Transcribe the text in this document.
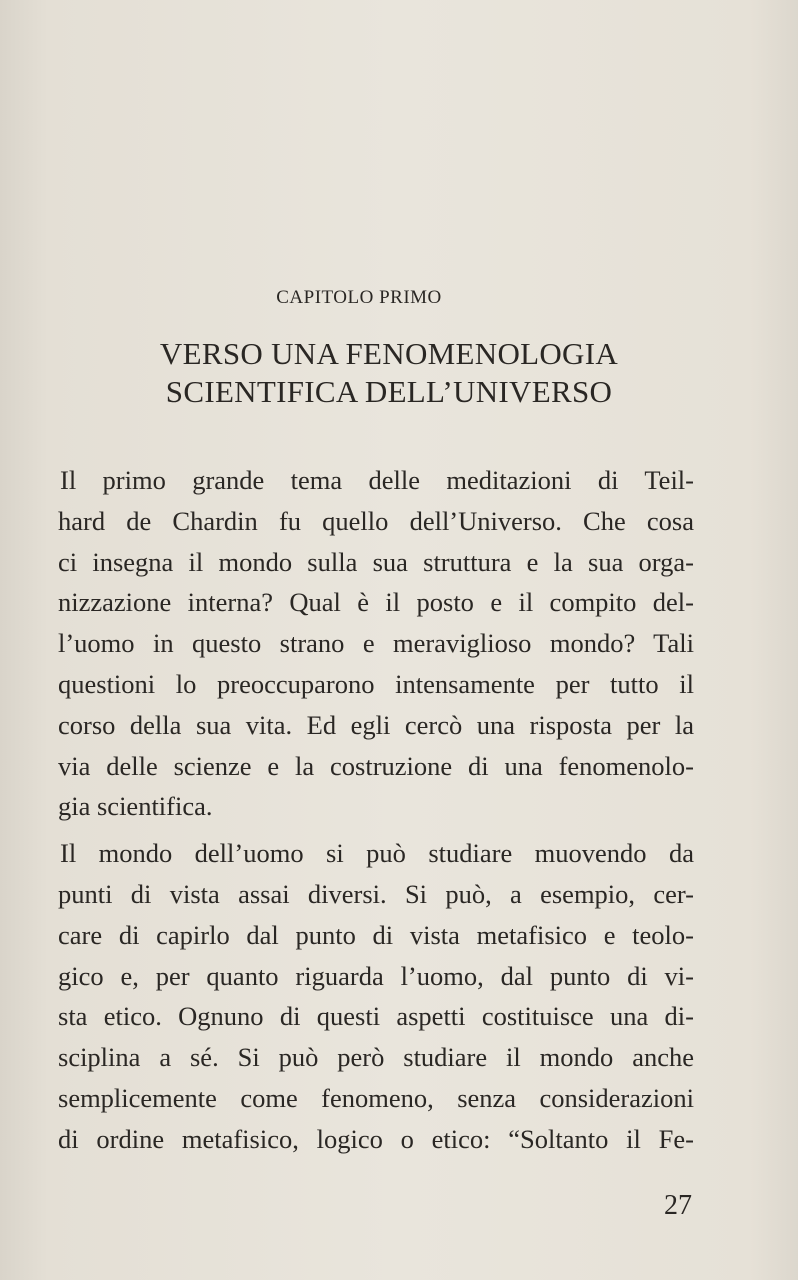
CAPITOLO PRIMO
VERSO UNA FENOMENOLOGIA
SCIENTIFICA DELL’UNIVERSO

Il primo grande tema delle meditazioni di Teil-
hard de Chardin fu quello dell’Universo. Che cosa
ci insegna il mondo sulla sua struttura e la sua orga-
nizzazione interna? Qual è il posto e il compito del-
l’uomo in questo strano e meraviglioso mondo? Tali
questioni lo preoccuparono intensamente per tutto il
corso della sua vita. Ed egli cercò una risposta per la
via delle scienze e la costruzione di una fenomenolo-
gia scientifica.

Il mondo dell’uomo si può studiare muovendo da
punti di vista assai diversi. Si può, a esempio, cer-
care di capirlo dal punto di vista metafisico e teolo-
gico e, per quanto riguarda l’uomo, dal punto di vi-
sta etico. Ognuno di questi aspetti costituisce una di-
sciplina a sé. Si può però studiare il mondo anche
semplicemente come fenomeno, senza considerazioni
di ordine metafisico, logico o etico: “Soltanto il Fe-

27
